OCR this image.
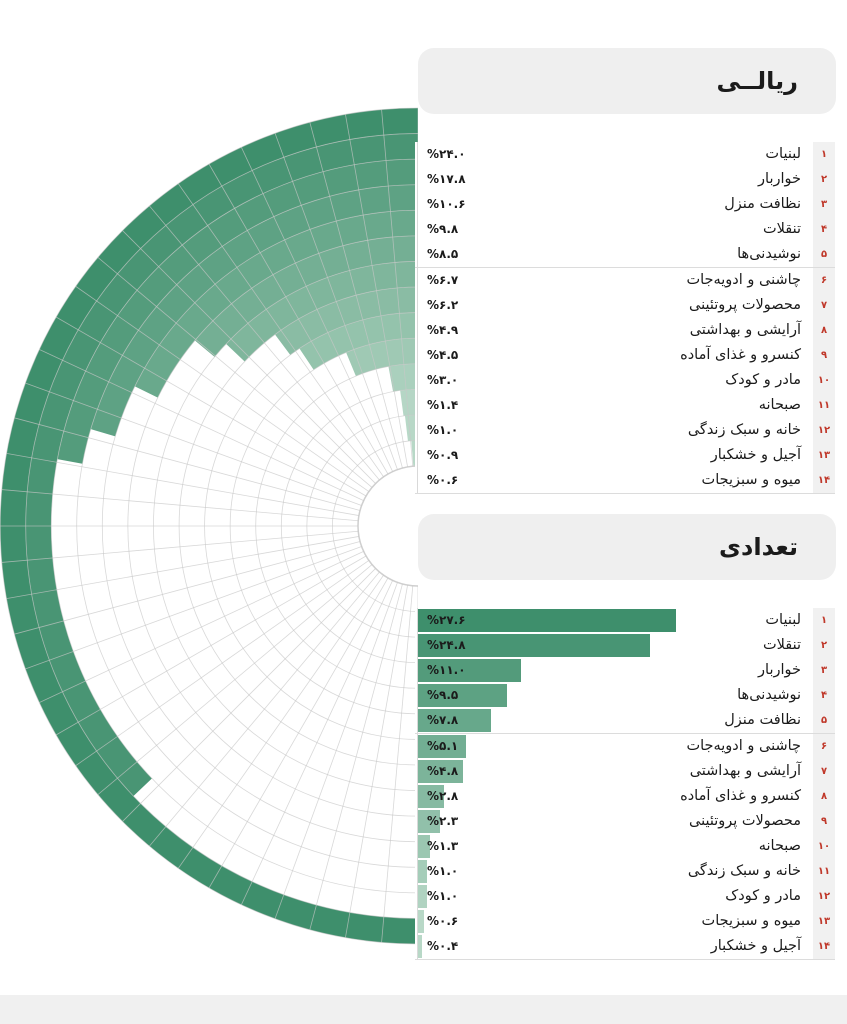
ریالــی
۱
لبنیات
%۲۴.۰
۲
خواربار
%۱۷.۸
۳
نظافت منزل
%۱۰.۶
۴
تنقلات
%۹.۸
۵
نوشیدنی‌ها
%۸.۵
۶
چاشنی و ادویه‌جات
%۶.۷
۷
محصولات پروتئینی
%۶.۲
۸
آرایشی و بهداشتی
%۴.۹
۹
کنسرو و غذای آماده
%۴.۵
۱۰
مادر و کودک
%۳.۰
۱۱
صبحانه
%۱.۴
۱۲
خانه و سبک زندگی
%۱.۰
۱۳
آجیل و خشکبار
%۰.۹
۱۴
میوه و سبزیجات
%۰.۶
تعدادی
۱
لبنیات
%۲۷.۶
۲
تنقلات
%۲۴.۸
۳
خواربار
%۱۱.۰
۴
نوشیدنی‌ها
%۹.۵
۵
نظافت منزل
%۷.۸
۶
چاشنی و ادویه‌جات
%۵.۱
۷
آرایشی و بهداشتی
%۴.۸
۸
کنسرو و غذای آماده
%۲.۸
۹
محصولات پروتئینی
%۲.۳
۱۰
صبحانه
%۱.۳
۱۱
خانه و سبک زندگی
%۱.۰
۱۲
مادر و کودک
%۱.۰
۱۳
میوه و سبزیجات
%۰.۶
۱۴
آجیل و خشکبار
%۰.۴
